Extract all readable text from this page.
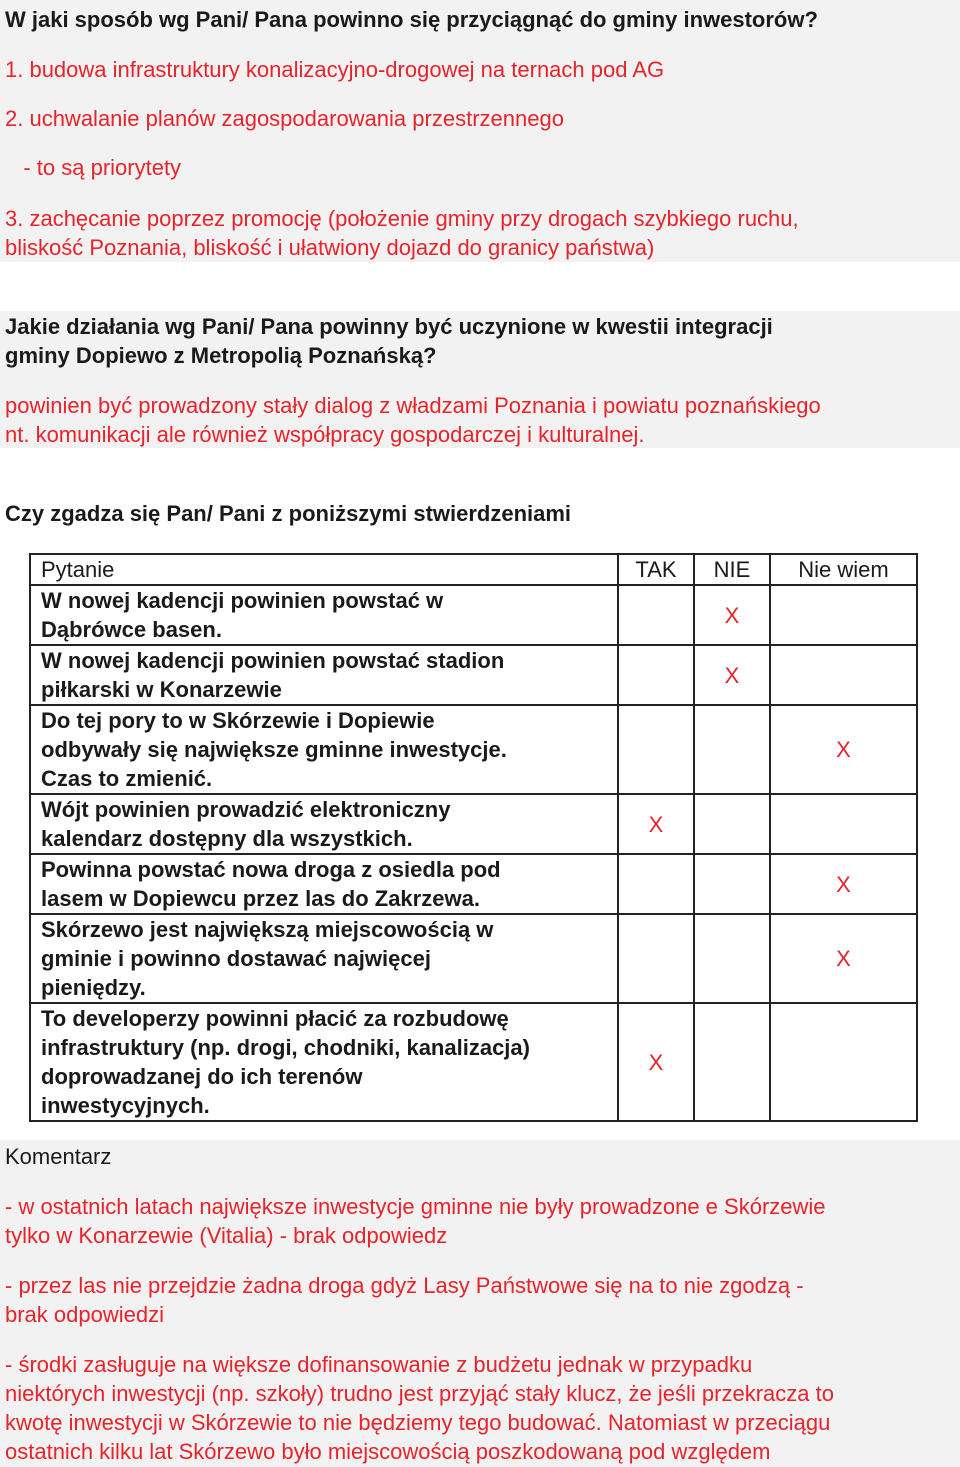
W jaki sposób wg Pani/ Pana powinno się przyciągnąć do gminy inwestorów?
1. budowa infrastruktury konalizacyjno-drogowej na ternach pod AG
2. uchwalanie planów zagospodarowania przestrzennego
- to są priorytety
3. zachęcanie poprzez promocję (położenie gminy przy drogach szybkiego ruchu,
bliskość Poznania, bliskość i ułatwiony dojazd do granicy państwa)
Jakie działania wg Pani/ Pana powinny być uczynione w kwestii integracji
gminy Dopiewo z Metropolią Poznańską?
powinien być prowadzony stały dialog z władzami Poznania i powiatu poznańskiego
nt. komunikacji ale również współpracy gospodarczej i kulturalnej.
Czy zgadza się Pan/ Pani z poniższymi stwierdzeniami
Pytanie	TAK	NIE	Nie wiem
W nowej kadencji powinien powstać w
Dąbrówce basen.		X	
W nowej kadencji powinien powstać stadion
piłkarski w Konarzewie		X	
Do tej pory to w Skórzewie i Dopiewie
odbywały się największe gminne inwestycje.
Czas to zmienić.			X
Wójt powinien prowadzić elektroniczny
kalendarz dostępny dla wszystkich.	X		
Powinna powstać nowa droga z osiedla pod
lasem w Dopiewcu przez las do Zakrzewa.			X
Skórzewo jest największą miejscowością w
gminie i powinno dostawać najwięcej
pieniędzy.			X
To developerzy powinni płacić za rozbudowę
infrastruktury (np. drogi, chodniki, kanalizacja)
doprowadzanej do ich terenów
inwestycyjnych.	X		
Komentarz
- w ostatnich latach największe inwestycje gminne nie były prowadzone e Skórzewie
tylko w Konarzewie (Vitalia) - brak odpowiedz
- przez las nie przejdzie żadna droga gdyż Lasy Państwowe się na to nie zgodzą -
brak odpowiedzi
- środki zasługuje na większe dofinansowanie z budżetu jednak w przypadku
niektórych inwestycji (np. szkoły) trudno jest przyjąć stały klucz, że jeśli przekracza to
kwotę inwestycji w Skórzewie to nie będziemy tego budować. Natomiast w przeciągu
ostatnich kilku lat Skórzewo było miejscowością poszkodowaną pod względem
